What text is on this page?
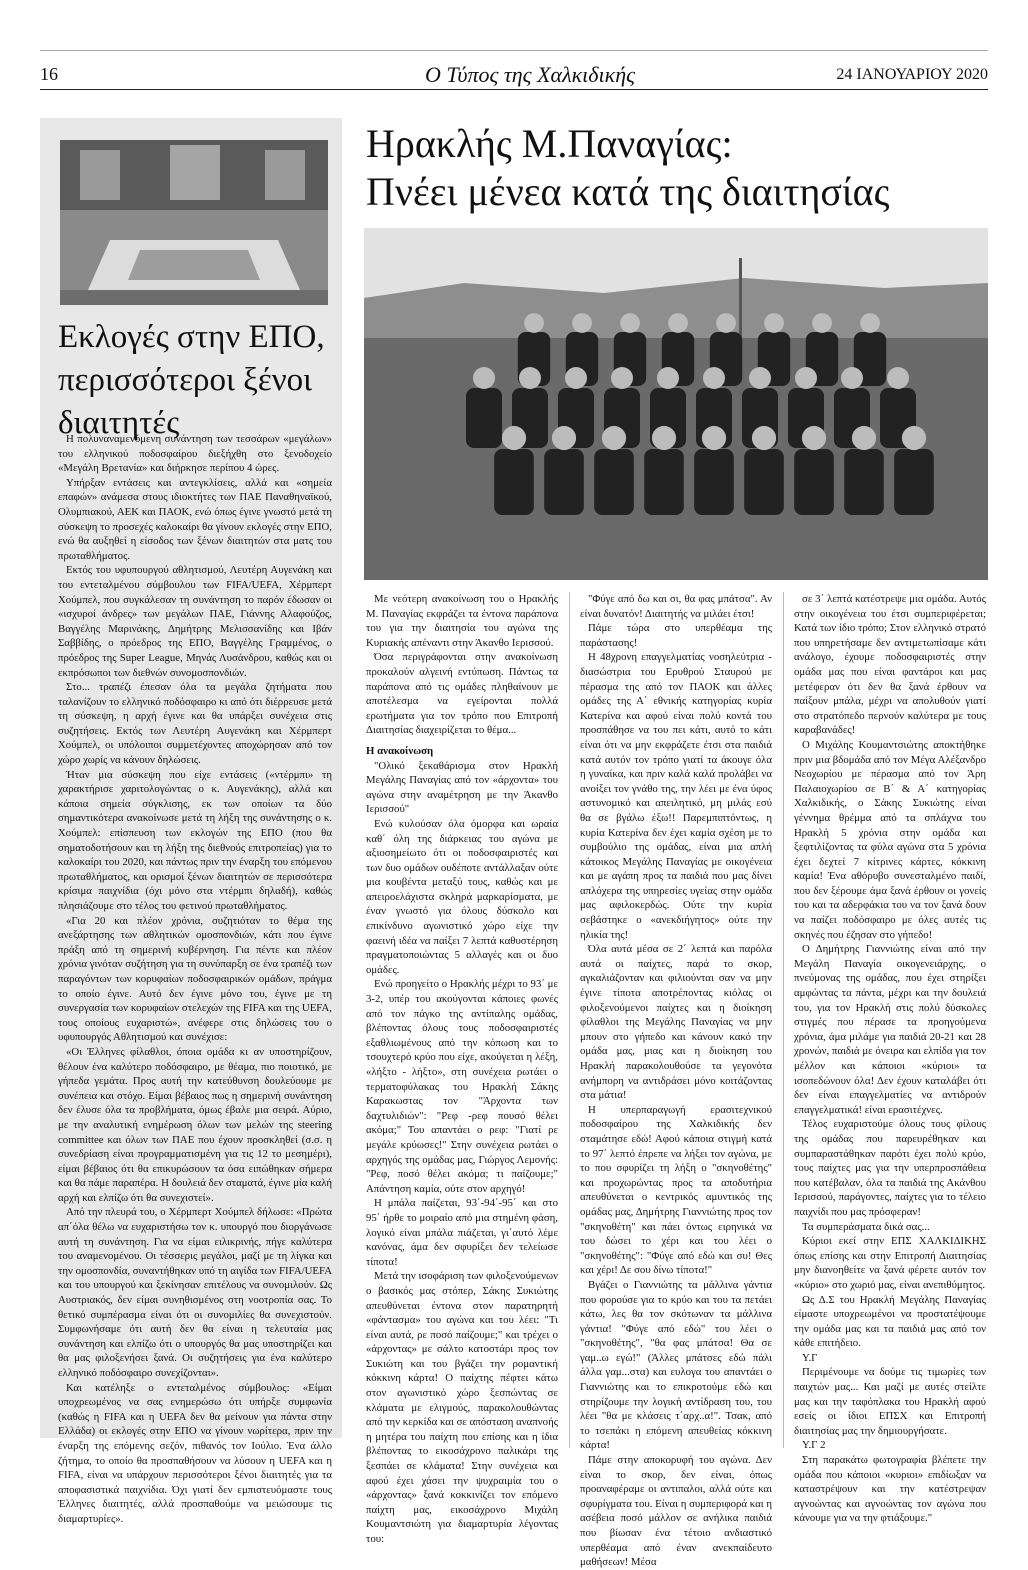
16	Ο Τύπος της Χαλκιδικής	24 ΙΑΝΟΥΑΡΙΟΥ 2020
Εκλογές στην ΕΠΟ, περισσότεροι ξένοι διαιτητές

Η πολυναναμενόμενη συνάντηση των τεσσάρων «μεγάλων» του ελληνικού ποδοσφαίρου διεξήχθη στο ξενοδοχείο «Μεγάλη Βρετανία» και διήρκησε περίπου 4 ώρες.

Υπήρξαν εντάσεις και αντεγκλίσεις, αλλά και «σημεία επαφών» ανάμεσα στους ιδιοκτήτες των ΠΑΕ Παναθηναϊκού, Ολυμπιακού, ΑΕΚ και ΠΑΟΚ, ενώ όπως έγινε γνωστό μετά τη σύσκεψη το προσεχές καλοκαίρι θα γίνουν εκλογές στην ΕΠΟ, ενώ θα αυξηθεί η είσοδος των ξένων διαιτητών στα ματς του πρωταθλήματος.

Εκτός του υφυπουργού αθλητισμού, Λευτέρη Αυγενάκη και του εντεταλμένου σύμβουλου των FIFA/UEFA, Χέρμπερτ Χούμπελ, που συγκάλεσαν τη συνάντηση το παρόν έδωσαν οι «ισχυροί άνδρες» των μεγάλων ΠΑΕ, Γιάννης Αλαφούζος, Βαγγέλης Μαρινάκης, Δημήτρης Μελισσανίδης και Ιβάν Σαββίδης, ο πρόεδρος της ΕΠΟ, Βαγγέλης Γραμμένος, ο πρόεδρος της Super League, Μηνάς Λυσάνδρου, καθώς και οι εκπρόσωποι των διεθνών συνομοσπονδιών.

Στο... τραπέζι έπεσαν όλα τα μεγάλα ζητήματα που ταλανίζουν το ελληνικό ποδόσφαιρο κι από ότι διέρρευσε μετά τη σύσκεψη, η αρχή έγινε και θα υπάρξει συνέχεια στις συζητήσεις. Εκτός των Λευτέρη Αυγενάκη και Χέρμπερτ Χούμπελ, οι υπόλοιποι συμμετέχοντες αποχώρησαν από τον χώρο χωρίς να κάνουν δηλώσεις.

Ήταν μια σύσκεψη που είχε εντάσεις («ντέρμπι» τη χαρακτήρισε χαριτολογώντας ο κ. Αυγενάκης), αλλά και κάποια σημεία σύγκλισης, εκ των οποίων τα δύο σημαντικότερα ανακοίνωσε μετά τη λήξη της συνάντησης ο κ. Χούμπελ: επίσπευση των εκλογών της ΕΠΟ (που θα σηματοδοτήσουν και τη λήξη της διεθνούς επιτροπείας) για το καλοκαίρι του 2020, και πάντως πριν την έναρξη του επόμενου πρωταθλήματος, και ορισμοί ξένων διαιτητών σε περισσότερα κρίσιμα παιχνίδια (όχι μόνο στα ντέρμπι δηλαδή), καθώς πλησιάζουμε στο τέλος του φετινού πρωταθλήματος.

«Για 20 και πλέον χρόνια, συζητιόταν το θέμα της ανεξάρτησης των αθλητικών ομοσπονδιών, κάτι που έγινε πράξη από τη σημερινή κυβέρνηση. Για πέντε και πλέον χρόνια γινόταν συζήτηση για τη συνύπαρξη σε ένα τραπέζι των παραγόντων των κορυφαίων ποδοσφαιρικών ομάδων, πράγμα το οποίο έγινε. Αυτό δεν έγινε μόνο του, έγινε με τη συνεργασία των κορυφαίων στελεχών της FIFA και της UEFA, τους οποίους ευχαριστώ», ανέφερε στις δηλώσεις του ο υφυπουργός Αθλητισμού και συνέχισε:

«Οι Έλληνες φίλαθλοι, όποια ομάδα κι αν υποστηρίζουν, θέλουν ένα καλύτερο ποδόσφαιρο, με θέαμα, πιο ποιοτικό, με γήπεδα γεμάτα. Προς αυτή την κατεύθυνση δουλεύουμε με συνέπεια και στόχο. Είμαι βέβαιος πως η σημερινή συνάντηση δεν έλυσε όλα τα προβλήματα, όμως έβαλε μια σειρά. Αύριο, με την αναλυτική ενημέρωση όλων των μελών της steering committee και όλων των ΠΑΕ που έχουν προσκληθεί (σ.σ. η συνεδρίαση είναι προγραμματισμένη για τις 12 το μεσημέρι), είμαι βέβαιος ότι θα επικυρώσουν τα όσα ειπώθηκαν σήμερα και θα πάμε παραπέρα. Η δουλειά δεν σταματά, έγινε μία καλή αρχή και ελπίζω ότι θα συνεχιστεί».

Από την πλευρά του, ο Χέρμπερτ Χούμπελ δήλωσε: «Πρώτα απ΄όλα θέλω να ευχαριστήσω τον κ. υπουργό που διοργάνωσε αυτή τη συνάντηση. Για να είμαι ειλικρινής, πήγε καλύτερα του αναμενομένου. Οι τέσσερις μεγάλοι, μαζί με τη λίγκα και την ομοσπονδία, συναντήθηκαν υπό τη αιγίδα των FIFA/UEFA και του υπουργού και ξεκίνησαν επιτέλους να συνομιλούν. Ως Αυστριακός, δεν είμαι συνηθισμένος στη νοοτροπία σας. Το θετικό συμπέρασμα είναι ότι οι συνομιλίες θα συνεχιστούν. Συμφωνήσαμε ότι αυτή δεν θα είναι η τελευταία μας συνάντηση και ελπίζω ότι ο υπουργός θα μας υποστηρίζει και θα μας φιλοξενήσει ξανά. Οι συζητήσεις για ένα καλύτερο ελληνικό ποδόσφαιρο συνεχίζονται».

Και κατέληξε ο εντεταλμένος σύμβουλος: «Είμαι υποχρεωμένος να σας ενημερώσω ότι υπήρξε συμφωνία (καθώς η FIFA και η UEFA δεν θα μείνουν για πάντα στην Ελλάδα) οι εκλογές στην ΕΠΟ να γίνουν νωρίτερα, πριν την έναρξη της επόμενης σεζόν, πιθανός τον Ιούλιο. Ένα άλλο ζήτημα, το οποίο θα προσπαθήσουν να λύσουν η UEFA και η FIFA, είναι να υπάρχουν περισσότεροι ξένοι διαιτητές για τα αποφασιστικά παιχνίδια. Όχι γιατί δεν εμπιστευόμαστε τους Έλληνες διαιτητές, αλλά προσπαθούμε να μειώσουμε τις διαμαρτυρίες».

Ηρακλής Μ.Παναγίας:
Πνέει μένεα κατά της διαιτησίας

Με νεότερη ανακοίνωση του ο Ηρακλής Μ. Παναγίας εκφράζει τα έντονα παράπονα του για την διαιτησία του αγώνα της Κυριακής απέναντι στην Άκανθο Ιερισσού.

Όσα περιγράφονται στην ανακοίνωση προκαλούν αλγεινή εντύπωση. Πάντως τα παράπονα από τις ομάδες πληθαίνουν με αποτέλεσμα να εγείρονται πολλά ερωτήματα για τον τρόπο που Επιτροπή Διαιτησίας διαχειρίζεται το θέμα...

Η ανακοίνωση

"Ολικό ξεκαθάρισμα στον Ηρακλή Μεγάλης Παναγίας από τον «άρχοντα» του αγώνα στην αναμέτρηση με την Άκανθο Ιερισσού"

Ενώ κυλούσαν όλα όμορφα και ωραία καθ΄ όλη της διάρκειας του αγώνα με αξιοσημείωτο ότι οι ποδοσφαιριστές και των δυο ομάδων ουδέποτε αντάλλαξαν ούτε μια κουβέντα μεταξύ τους, καθώς και με απειροελάχιστα σκληρά μαρκαρίσματα, με έναν γνωστό για όλους δύσκολο και επικίνδυνο αγωνιστικό χώρο είχε την φαεινή ιδέα να παίξει 7 λεπτά καθυστέρηση πραγματοποιώντας 5 αλλαγές και οι δυο ομάδες.

Ενώ προηγείτο ο Ηρακλής μέχρι το 93΄ με 3-2, υπέρ του ακούγονται κάποιες φωνές από τον πάγκο της αντίπαλης ομάδας, βλέποντας όλους τους ποδοσφαιριστές εξαθλιωμένους από την κόπωση και το τσουχτερό κρύο που είχε, ακούγεται η λέξη, «λήξτο - λήξτο», στη συνέχεια ρωτάει ο τερματοφύλακας του Ηρακλή Σάκης Καρακωστας τον "Άρχοντα των δαχτυλιδιών": "Ρεφ -ρεφ πουσό θέλει ακόμα;" Του απαντάει ο ρεφ: "Γιατί ρε μεγάλε κρύωσες!" Στην συνέχεια ρωτάει ο αρχηγός της ομάδας μας, Γιώργος Λεμονής: "Ρεφ, ποσό θέλει ακόμα; τι παίζουμε;" Απάντηση καμία, ούτε στον αρχηγό!

Η μπάλα παίζεται, 93΄-94΄-95΄ και στο 95΄ ήρθε το μοιραίο από μια στημένη φάση, λογικό είναι μπάλα πιάζεται, γι΄αυτό λέμε κανόνας, άμα δεν σφυρίξει δεν τελείωσε τίποτα!

Μετά την ισοφάριση των φιλοξενούμενων ο βασικός μας στόπερ, Σάκης Συκιώτης απευθύνεται έντονα στον παρατηρητή «φάντασμα» του αγώνα και του λέει: "Τι είναι αυτά, ρε ποσό παίζουμε;" και τρέχει ο «άρχοντας» με σάλτο κατοστάρι προς τον Συκιώτη και του βγάζει την ρομαντική κόκκινη κάρτα! Ο παίχτης πέφτει κάτω στον αγωνιστικό χώρο ξεσπώντας σε κλάματα με ελιγμούς, παρακολουθώντας από την κερκίδα και σε απόσταση αναπνοής η μητέρα του παίχτη που επίσης και η ίδια βλέποντας το εικοσάχρονο παλικάρι της ξεσπάει σε κλάματα! Στην συνέχεια και αφού έχει χάσει την ψυχραιμία του ο «άρχοντας» ξανά κοκκινίζει τον επόμενο παίχτη μας, εικοσάχρονο Μιχάλη Κουμαντσιώτη για διαμαρτυρία λέγοντας του:

"Φύγε από δω και σι, θα φας μπάτσα". Αν είναι δυνατόν! Διαιτητής να μιλάει έτσι!

Πάμε τώρα στο υπερθέαμα της παράστασης!

Η 48χρονη επαγγελματίας νοσηλεύτρια - διασώστρια του Ερυθρού Σταυρού με πέρασμα της από τον ΠΑΟΚ και άλλες ομάδες της Α΄ εθνικής κατηγορίας κυρία Κατερίνα και αφού είναι πολύ κοντά του προσπάθησε να του πει κάτι, αυτό το κάτι είναι ότι να μην εκφράζετε έτσι στα παιδιά κατά αυτόν τον τρόπο γιατί τα άκουγε όλα η γυναίκα, και πριν καλά καλά προλάβει να ανοίξει τον γνάθο της, την λέει με ένα ύφος αστυνομικό και απειλητικό, μη μιλάς εσύ θα σε βγάλω έξω!! Παρεμπιπτόντως, η κυρία Κατερίνα δεν έχει καμία σχέση με το συμβούλιο της ομάδας, είναι μια απλή κάτοικος Μεγάλης Παναγίας με οικογένεια και με αγάπη προς τα παιδιά που μας δίνει απλόχερα της υπηρεσίες υγείας στην ομάδα μας αφιλοκερδώς. Ούτε την κυρία σεβάστηκε ο «ανεκδιήγητος» ούτε την ηλικία της!

Όλα αυτά μέσα σε 2΄ λεπτά και παρόλα αυτά οι παίχτες, παρά το σκορ, αγκαλιάζονταν και φιλιούνται σαν να μην έγινε τίποτα αποτρέποντας κιόλας οι φιλοξενούμενοι παίχτες και η διοίκηση φίλαθλοι της Μεγάλης Παναγίας να μην μπουν στο γήπεδο και κάνουν κακό την ομάδα μας, μιας και η διοίκηση του Ηρακλή παρακολουθούσε τα γεγονότα ανήμπορη να αντιδράσει μόνο κοιτάζοντας στα μάτια!

Η υπερπαραγωγή ερασιτεχνικού ποδοσφαίρου της Χαλκιδικής δεν σταμάτησε εδώ! Αφού κάποια στιγμή κατά το 97΄ λεπτό έπρεπε να λήξει τον αγώνα, με το που σφυρίζει τη λήξη ο "σκηνοθέτης" και προχωρώντας προς τα αποδυτήρια απευθύνεται ο κεντρικός αμυντικός της ομάδας μας, Δημήτρης Γιαννιώτης προς τον "σκηνοθέτη" και πάει όντως ειρηνικά να του δώσει το χέρι και του λέει ο "σκηνοθέτης": "Φύγε από εδώ και συ! Θες και χέρι! Δε σου δίνω τίποτα!"

Βγάζει ο Γιαννιώτης τα μάλλινα γάντια που φορούσε για το κρύο και του τα πετάει κάτω, λες θα τον σκότωναν τα μάλλινα γάντια! "Φύγε από εδώ" του λέει ο "σκηνοθέτης", "θα φας μπάτσα! Θα σε γαμ..ω εγώ!" (Άλλες μπάτσες εδώ πάλι άλλα γαμ...στα) και ευλογα του απαντάει ο Γιαννιώτης και το επικροτούμε εδώ και στηρίζουμε την λογική αντίδραση του, του λέει "θα με κλάσεις τ΄αρχ..α!". Τσακ, από το τσεπάκι η επόμενη απευθείας κόκκινη κάρτα!

Πάμε στην αποκορυφή του αγώνα. Δεν είναι το σκορ, δεν είναι, όπως προαναφέραμε οι αντιπαλοι, αλλά ούτε και σφυρίγματα του. Είναι η συμπεριφορά και η ασέβεια ποσό μάλλον σε ανήλικα παιδιά που βίωσαν ένα τέτοιο ανδιαστικό υπερθέαμα από έναν ανεκπαίδευτο μαθήσεων! Μέσα

σε 3΄ λεπτά κατέστρεψε μια ομάδα. Αυτός στην οικογένεια του έτσι συμπεριφέρεται; Κατά των ίδιο τρόπο; Στον ελληνικό στρατό που υπηρετήσαμε δεν αντιμετωπίσαμε κάτι ανάλογο, έχουμε ποδοσφαιριστές στην ομάδα μας που είναι φαντάροι και μας μετέφεραν ότι δεν θα ξανά έρθουν να παίξουν μπάλα, μέχρι να απολυθούν γιατί στο στρατόπεδο περνούν καλύτερα με τους καραβανάδες!

Ο Μιχάλης Κουμαντσιώτης αποκτήθηκε πριν μια βδομάδα από τον Μέγα Αλέξανδρο Νεοχωρίου με πέρασμα από τον Άρη Παλαιοχωρίου σε Β΄ & Α΄ κατηγορίας Χαλκιδικής, ο Σάκης Συκιώτης είναι γέννημα θρέμμα από τα σπλάχνα του Ηρακλή 5 χρόνια στην ομάδα και ξεφτιλίζοντας τα φύλα αγώνα στα 5 χρόνια έχει δεχτεί 7 κίτρινες κάρτες, κόκκινη καμία! Ένα αθόρυβο συνεσταλμένο παιδί, που δεν ξέρουμε άμα ξανά έρθουν οι γονείς του και τα αδερφάκια του να τον ξανά δουν να παίζει ποδόσφαιρο με όλες αυτές τις σκηνές που έζησαν στο γήπεδο!

Ο Δημήτρης Γιαννιώτης είναι από την Μεγάλη Παναγία οικογενειάρχης, ο πνεύμονας της ομάδας, που έχει στηρίξει αμφώντας τα πάντα, μέχρι και την δουλειά του, για τον Ηρακλή στις πολύ δύσκολες στιγμές που πέρασε τα προηγούμενα χρόνια, άμα μιλάμε για παιδιά 20-21 και 28 χρονών, παιδιά με όνειρα και ελπίδα για τον μέλλον και κάποιοι «κύριοι» τα ισοπεδώνουν όλα! Δεν έχουν καταλάβει ότι δεν είναι επαγγελματίες να αντιδρούν επαγγελματικά! είναι ερασιτέχνες.

Τέλος ευχαριστούμε όλους τους φίλους της ομάδας που παρευρέθηκαν και συμπαραστάθηκαν παρότι έχει πολύ κρύο, τους παίχτες μας για την υπερπροσπάθεια που κατέβαλαν, όλα τα παιδιά της Ακάνθου Ιερισσού, παράγοντες, παίχτες για το τέλειο παιχνίδι που μας πρόσφεραν!

Τα συμπεράσματα δικά σας...

Κύριοι εκεί στην ΕΠΣ ΧΑΛΚΙΔΙΚΗΣ όπως επίσης και στην Επιτροπή Διαιτησίας μην διανοηθείτε να ξανά φέρετε αυτόν τον «κύριο» στο χωριό μας, είναι ανεπιθύμητος.

Ως Δ.Σ του Ηρακλή Μεγάλης Παναγίας είμαστε υποχρεωμένοι να προστατέψουμε την ομάδα μας και τα παιδιά μας από τον κάθε επιτήδειο.

Υ.Γ

Περιμένουμε να δούμε τις τιμωρίες των παιχτών μας... Και μαζί με αυτές στείλτε μας και την ταφόπλακα του Ηρακλή αφού εσείς οι ίδιοι ΕΠΣΧ και Επιτροπή διαιτησίας μας την δημιουργήσατε.

Υ.Γ 2

Στη παρακάτω φωτογραφία βλέπετε την ομάδα που κάποιοι «κυριοι» επιδίωξαν να καταστρέψουν και την κατέστρεψαν αγνοώντας και αγνοώντας τον αγώνα που κάνουμε για να την φτιάξουμε."
